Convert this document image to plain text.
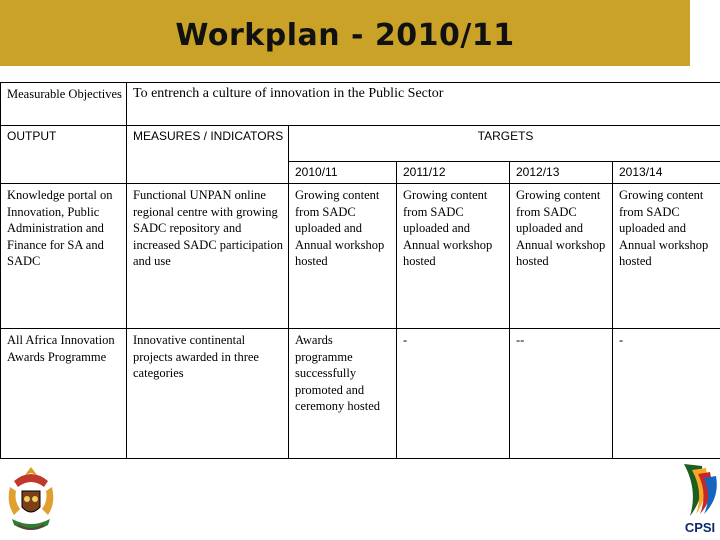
Workplan - 2010/11
Measurable Objectives	To entrench a culture of innovation in the Public Sector				
OUTPUT	MEASURES / INDICATORS	TARGETS			
		2010/11	2011/12	2012/13	2013/14
Knowledge portal on Innovation, Public Administration and Finance for SA and SADC	Functional UNPAN online regional centre with growing SADC repository and increased SADC participation and use	Growing content from SADC uploaded and Annual workshop hosted	Growing content from SADC uploaded and Annual workshop hosted	Growing content from SADC uploaded and Annual workshop hosted	Growing content from SADC uploaded and Annual workshop hosted
All Africa Innovation Awards Programme	Innovative continental projects awarded in three categories	Awards programme successfully promoted and ceremony hosted	-	--	-
CPSI
